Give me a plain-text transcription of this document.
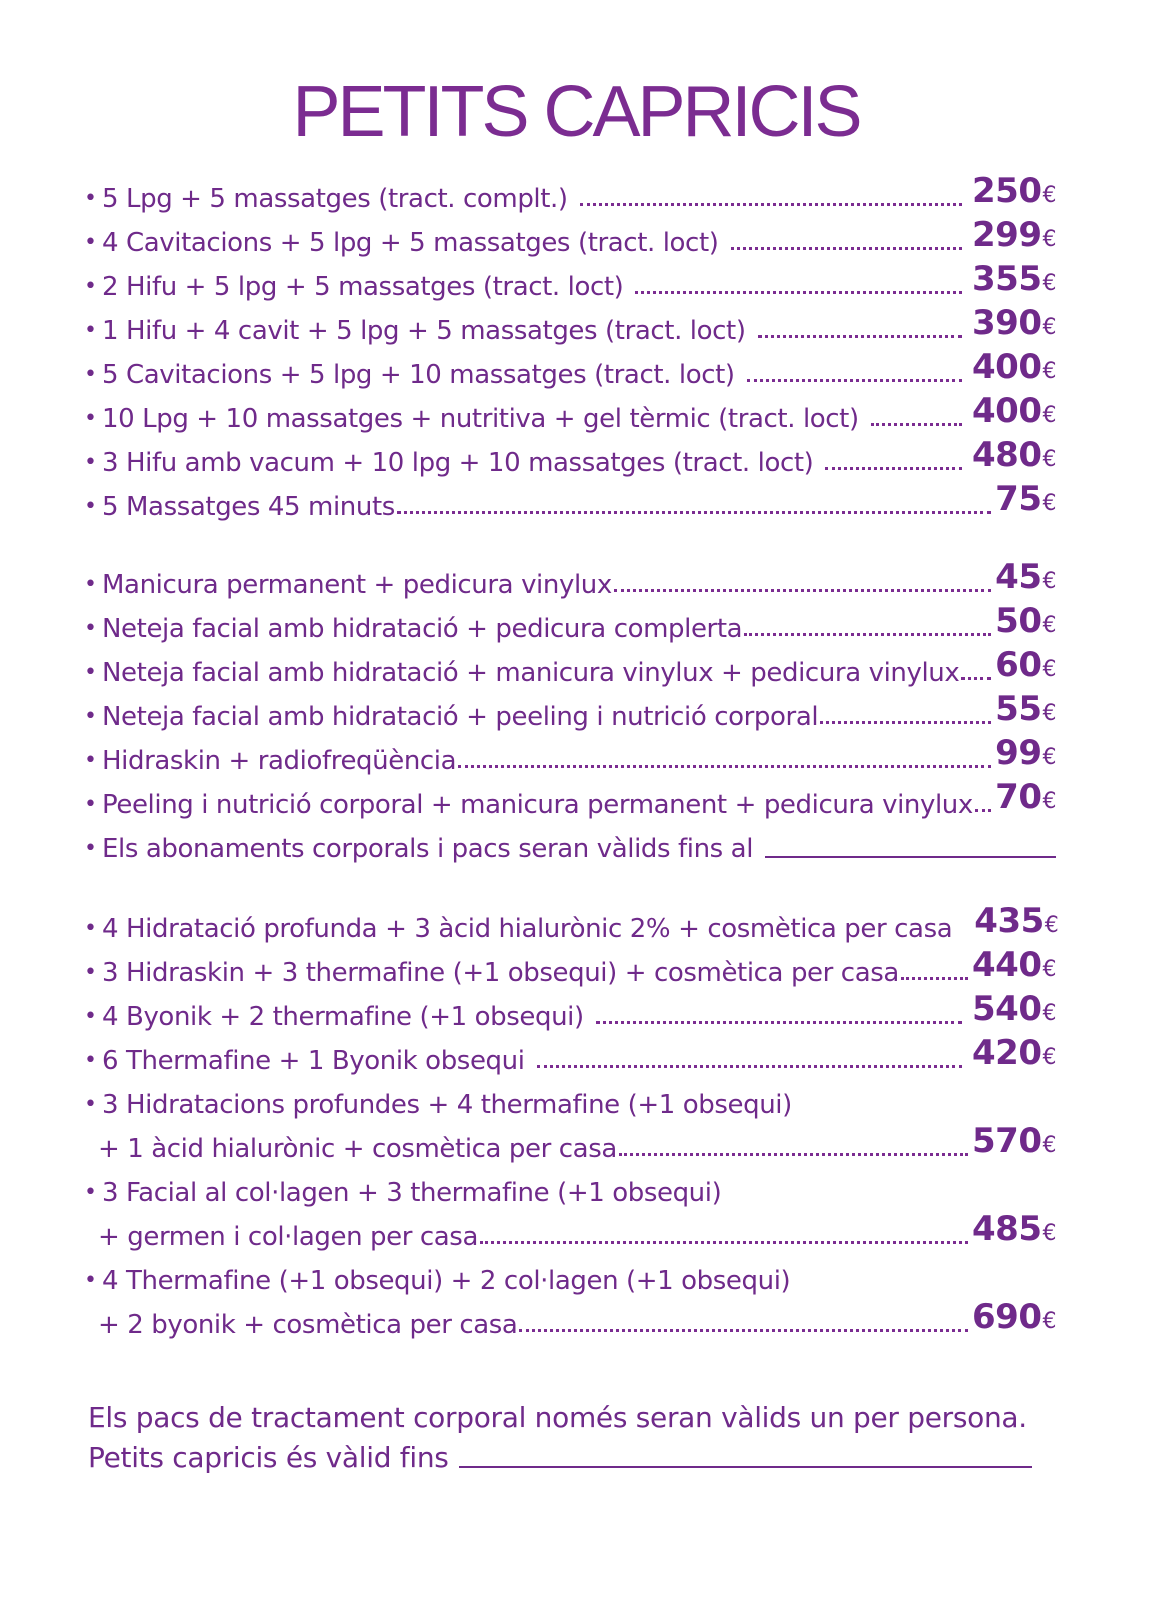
PETITS CAPRICIS
• 5 Lpg + 5 massatges (tract. complt.)	250€
• 4 Cavitacions + 5 lpg + 5 massatges (tract. loct)	299€
• 2 Hifu + 5 lpg + 5 massatges (tract. loct)	355€
• 1 Hifu + 4 cavit + 5 lpg + 5 massatges (tract. loct)	390€
• 5 Cavitacions + 5 lpg + 10 massatges (tract. loct)	400€
• 10 Lpg + 10 massatges + nutritiva + gel tèrmic (tract. loct)	400€
• 3 Hifu amb vacum + 10 lpg + 10 massatges (tract. loct)	480€
• 5 Massatges 45 minuts	75€
• Manicura permanent + pedicura vinylux	45€
• Neteja facial amb hidratació + pedicura complerta	50€
• Neteja facial amb hidratació + manicura vinylux + pedicura vinylux 60€
• Neteja facial amb hidratació + peeling i nutrició corporal	55€
• Hidraskin + radiofreqüència	99€
• Peeling i nutrició corporal + manicura permanent + pedicura vinylux 70€
• Els abonaments corporals i pacs seran vàlids fins al
• 4 Hidratació profunda + 3 àcid hialurònic 2% + cosmètica per casa 435€
• 3 Hidraskin + 3 thermafine (+1 obsequi) + cosmètica per casa 440€
• 4 Byonik + 2 thermafine (+1 obsequi)	540€
• 6 Thermafine + 1 Byonik obsequi	420€
• 3 Hidratacions profundes + 4 thermafine (+1 obsequi)
+ 1 àcid hialurònic + cosmètica per casa	570€
• 3 Facial al col·lagen + 3 thermafine (+1 obsequi)
+ germen i col·lagen per casa	485€
• 4 Thermafine (+1 obsequi) + 2 col·lagen (+1 obsequi)
+ 2 byonik + cosmètica per casa	690€
Els pacs de tractament corporal només seran vàlids un per persona.
Petits capricis és vàlid fins
